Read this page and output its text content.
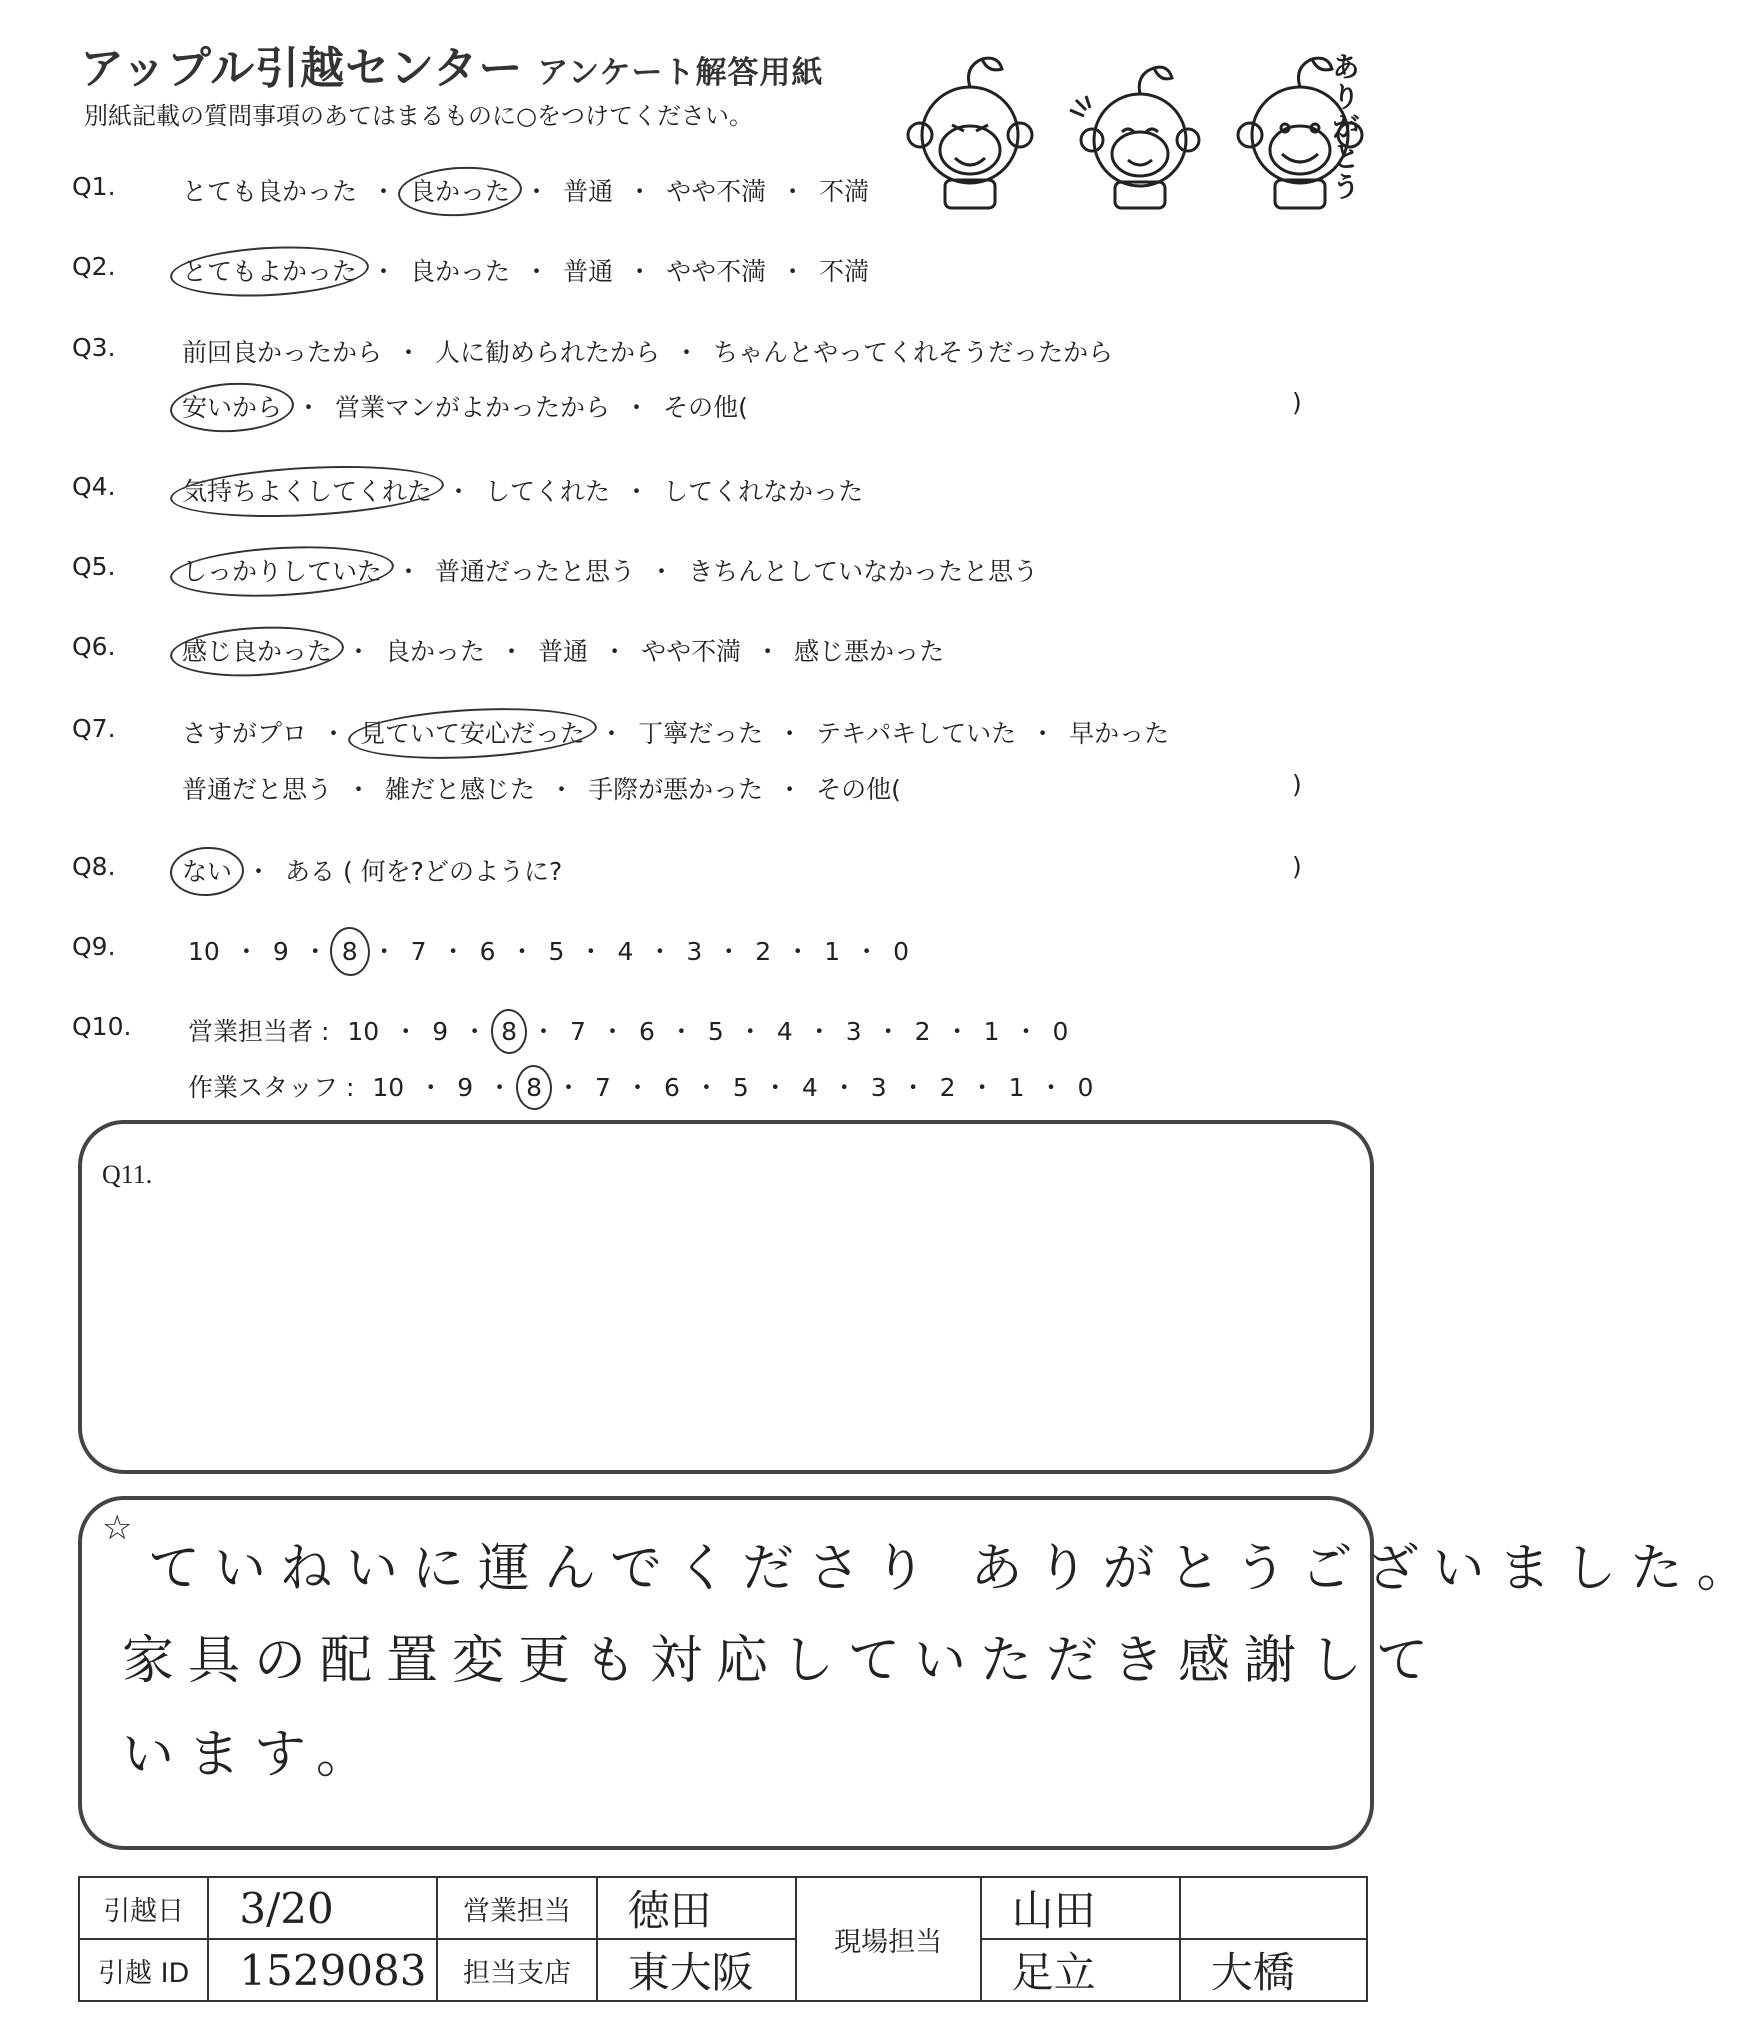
アップル引越センター アンケート解答用紙
別紙記載の質問事項のあてはまるものに○をつけてください。	ありがとう
Q1.	とても良かった ・ 良かった ・ 普通 ・ やや不満 ・ 不満
Q2.	とてもよかった ・ 良かった ・ 普通 ・ やや不満 ・ 不満
Q3.	前回良かったから ・ 人に勧められたから ・ ちゃんとやってくれそうだったから
安いから ・ 営業マンがよかったから ・ その他(	)
Q4.	気持ちよくしてくれた ・ してくれた ・ してくれなかった
Q5.	しっかりしていた ・ 普通だったと思う ・ きちんとしていなかったと思う
Q6.	感じ良かった ・ 良かった ・ 普通 ・ やや不満 ・ 感じ悪かった
Q7.	さすがプロ ・ 見ていて安心だった ・ 丁寧だった ・ テキパキしていた ・ 早かった
普通だと思う ・ 雑だと感じた ・ 手際が悪かった ・ その他(	)
Q8.	ない ・ ある ( 何を?どのように?	)
Q9.	10 ・ 9 ・ 8 ・ 7 ・ 6 ・ 5 ・ 4 ・ 3 ・ 2 ・ 1 ・ 0
Q10.	営業担当者 : 10 ・ 9 ・ 8 ・ 7 ・ 6 ・ 5 ・ 4 ・ 3 ・ 2 ・ 1 ・ 0
作業スタッフ : 10 ・ 9 ・ 8 ・ 7 ・ 6 ・ 5 ・ 4 ・ 3 ・ 2 ・ 1 ・ 0
Q11.
☆
ていねいに運んでくださり ありがとうございました。
家具の配置変更も対応していただき感謝して
います。
引越日	3/20	営業担当	徳田	現場担当	山田	
引越 ID	1529083	担当支店	東大阪		足立	大橋
